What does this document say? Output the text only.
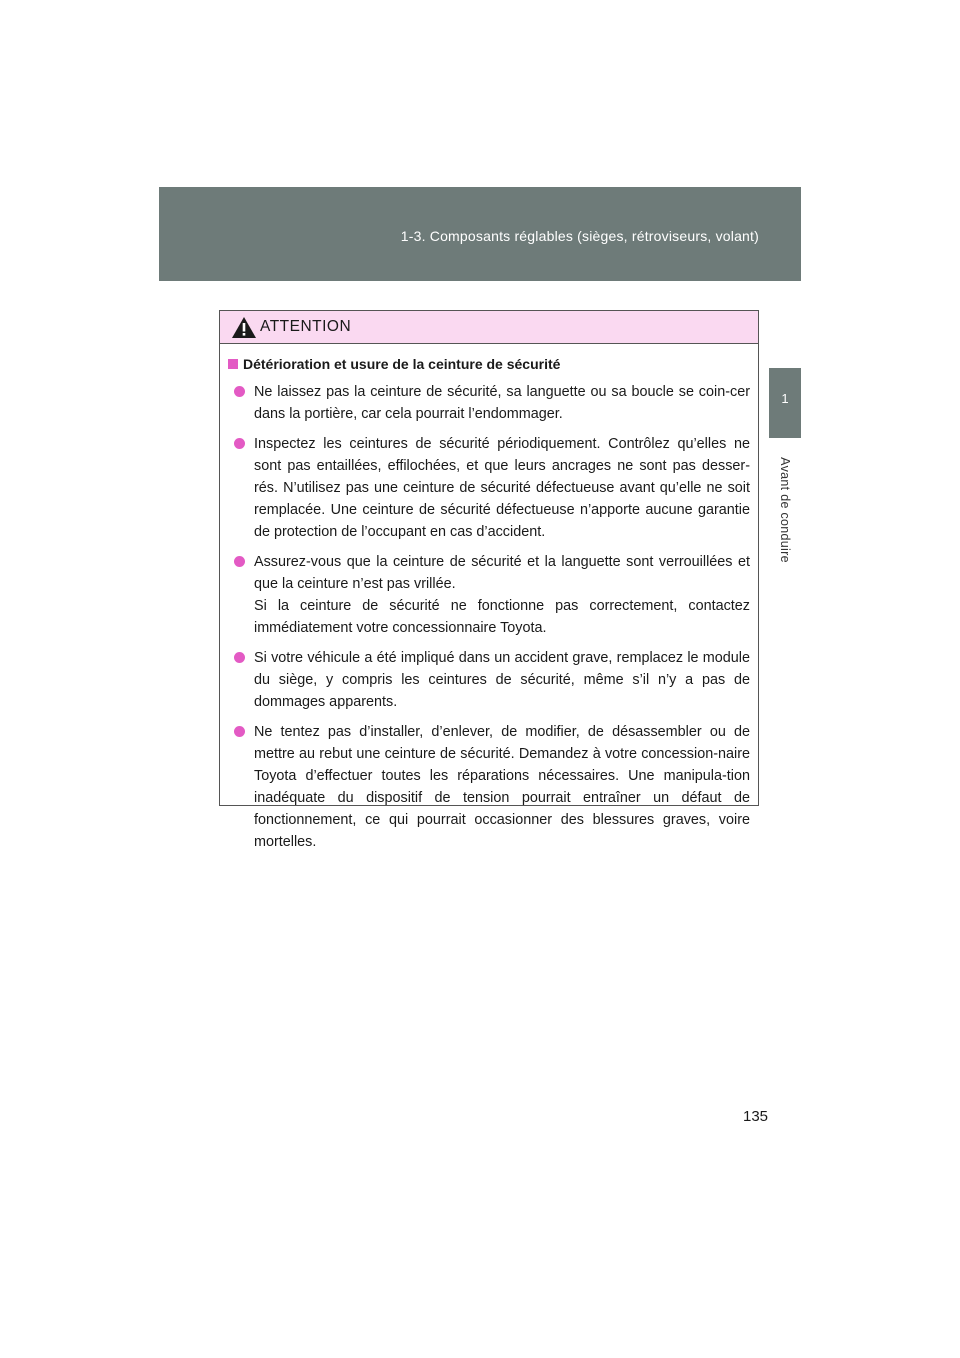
1-3. Composants réglables (sièges, rétroviseurs, volant)
1
Avant de conduire
ATTENTION
Détérioration et usure de la ceinture de sécurité
Ne laissez pas la ceinture de sécurité, sa languette ou sa boucle se coin-cer dans la portière, car cela pourrait l’endommager.
Inspectez les ceintures de sécurité périodiquement. Contrôlez qu’elles ne sont pas entaillées, effilochées, et que leurs ancrages ne sont pas desser-rés. N’utilisez pas une ceinture de sécurité défectueuse avant qu’elle ne soit remplacée. Une ceinture de sécurité défectueuse n’apporte aucune garantie de protection de l’occupant en cas d’accident.
Assurez-vous que la ceinture de sécurité et la languette sont verrouillées et que la ceinture n’est pas vrillée.
Si la ceinture de sécurité ne fonctionne pas correctement, contactez immédiatement votre concessionnaire Toyota.
Si votre véhicule a été impliqué dans un accident grave, remplacez le module du siège, y compris les ceintures de sécurité, même s’il n’y a pas de dommages apparents.
Ne tentez pas d’installer, d’enlever, de modifier, de désassembler ou de mettre au rebut une ceinture de sécurité. Demandez à votre concession-naire Toyota d’effectuer toutes les réparations nécessaires. Une manipula-tion inadéquate du dispositif de tension pourrait entraîner un défaut de fonctionnement, ce qui pourrait occasionner des blessures graves, voire mortelles.
135
